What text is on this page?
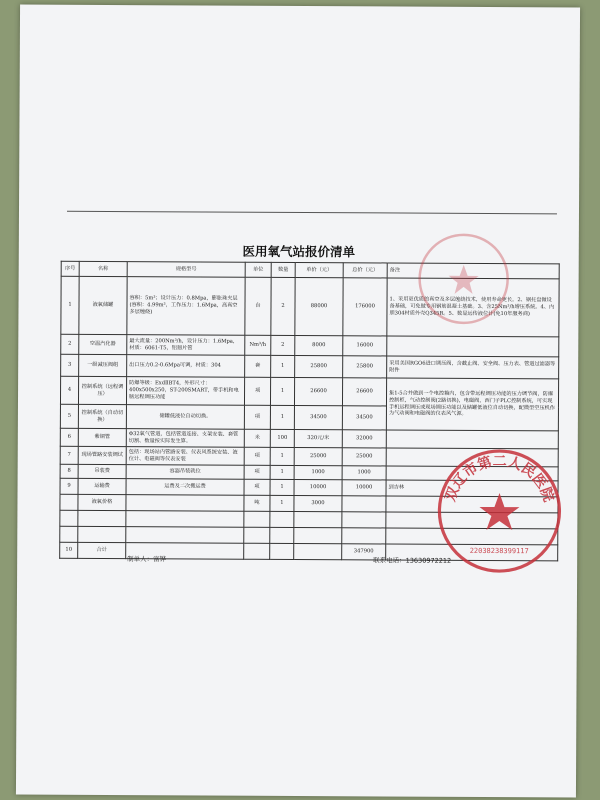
医用氧气站报价清单
序号	名称	规格型号	单位	数量	单价（元）	总价（元）	备注
1	液氧储罐	容积：5m³；设计压力：0.8Mpa，膨胀珠夹层(容积：4.99m³，工作压力：1.6Mpa，高真空多层缠绕)	台	2	88000	176000	1、采用更优质的真空及多层缠绕技术，使用寿命更长。2、钢托盘做设备基础，可免做专用钢筋混凝土基础。3、含25Nm³/h增压系统。4、内胆304材质外壳Q345R。5、数显远传液位计(免10年服务商)
2	空温汽化器	最大流量：200Nm³/h，设计压力：1.6Mpa，材质：6061-T5，铝翅片管	Nm³/h	2	8000	16000	
3	一级减压阀组	出口压力0.2-0.6Mpa可调，材质：304	套	1	25800	25800	采用美国RGO6进口调压阀，含截止阀、安全阀、压力表、管道过滤器等附件
4	控制系统（远程调压）	防爆等级：ExdⅡBT4，外形尺寸：400x500x250，ST-200SMART，带手机和电脑远程调压功能	项	1	26600	26600	集1-5合并做到一个电控箱内，包含带远程调压功能的压力调节阀，防爆控制柜，气动控制阀(2路切换)，电磁阀，西门子PLC控制系统，可实现手机远程调压或现场调压功能以及储罐低液位自动切换，配微型空压机作为气动阀和电磁阀的仪表风气源。
5	控制系统（自动切换）	储罐低液位自动切换。	项	1	34500	34500	
6	紫铜管	Φ32氧气管道，包括管道连接、支架安装、套管切割、数量按实际发生算。	米	100	320元/米	32000	
7	现场管路安装调试	包括：现场站内管路安装、仪表风系统安装、液位计、电磁阀等仪表安装	项	1	25000	25000	
8	吊装费	容器吊装就位	项	1	1000	1000	
9	运输费	运费及二次搬运费	项	1	10000	10000	到吉林
	液氧价格		吨	1	3000		

10	合计					347900	
制单人：富铧	联系电话：13630972212
双辽市第二人民医院
22038238399117
